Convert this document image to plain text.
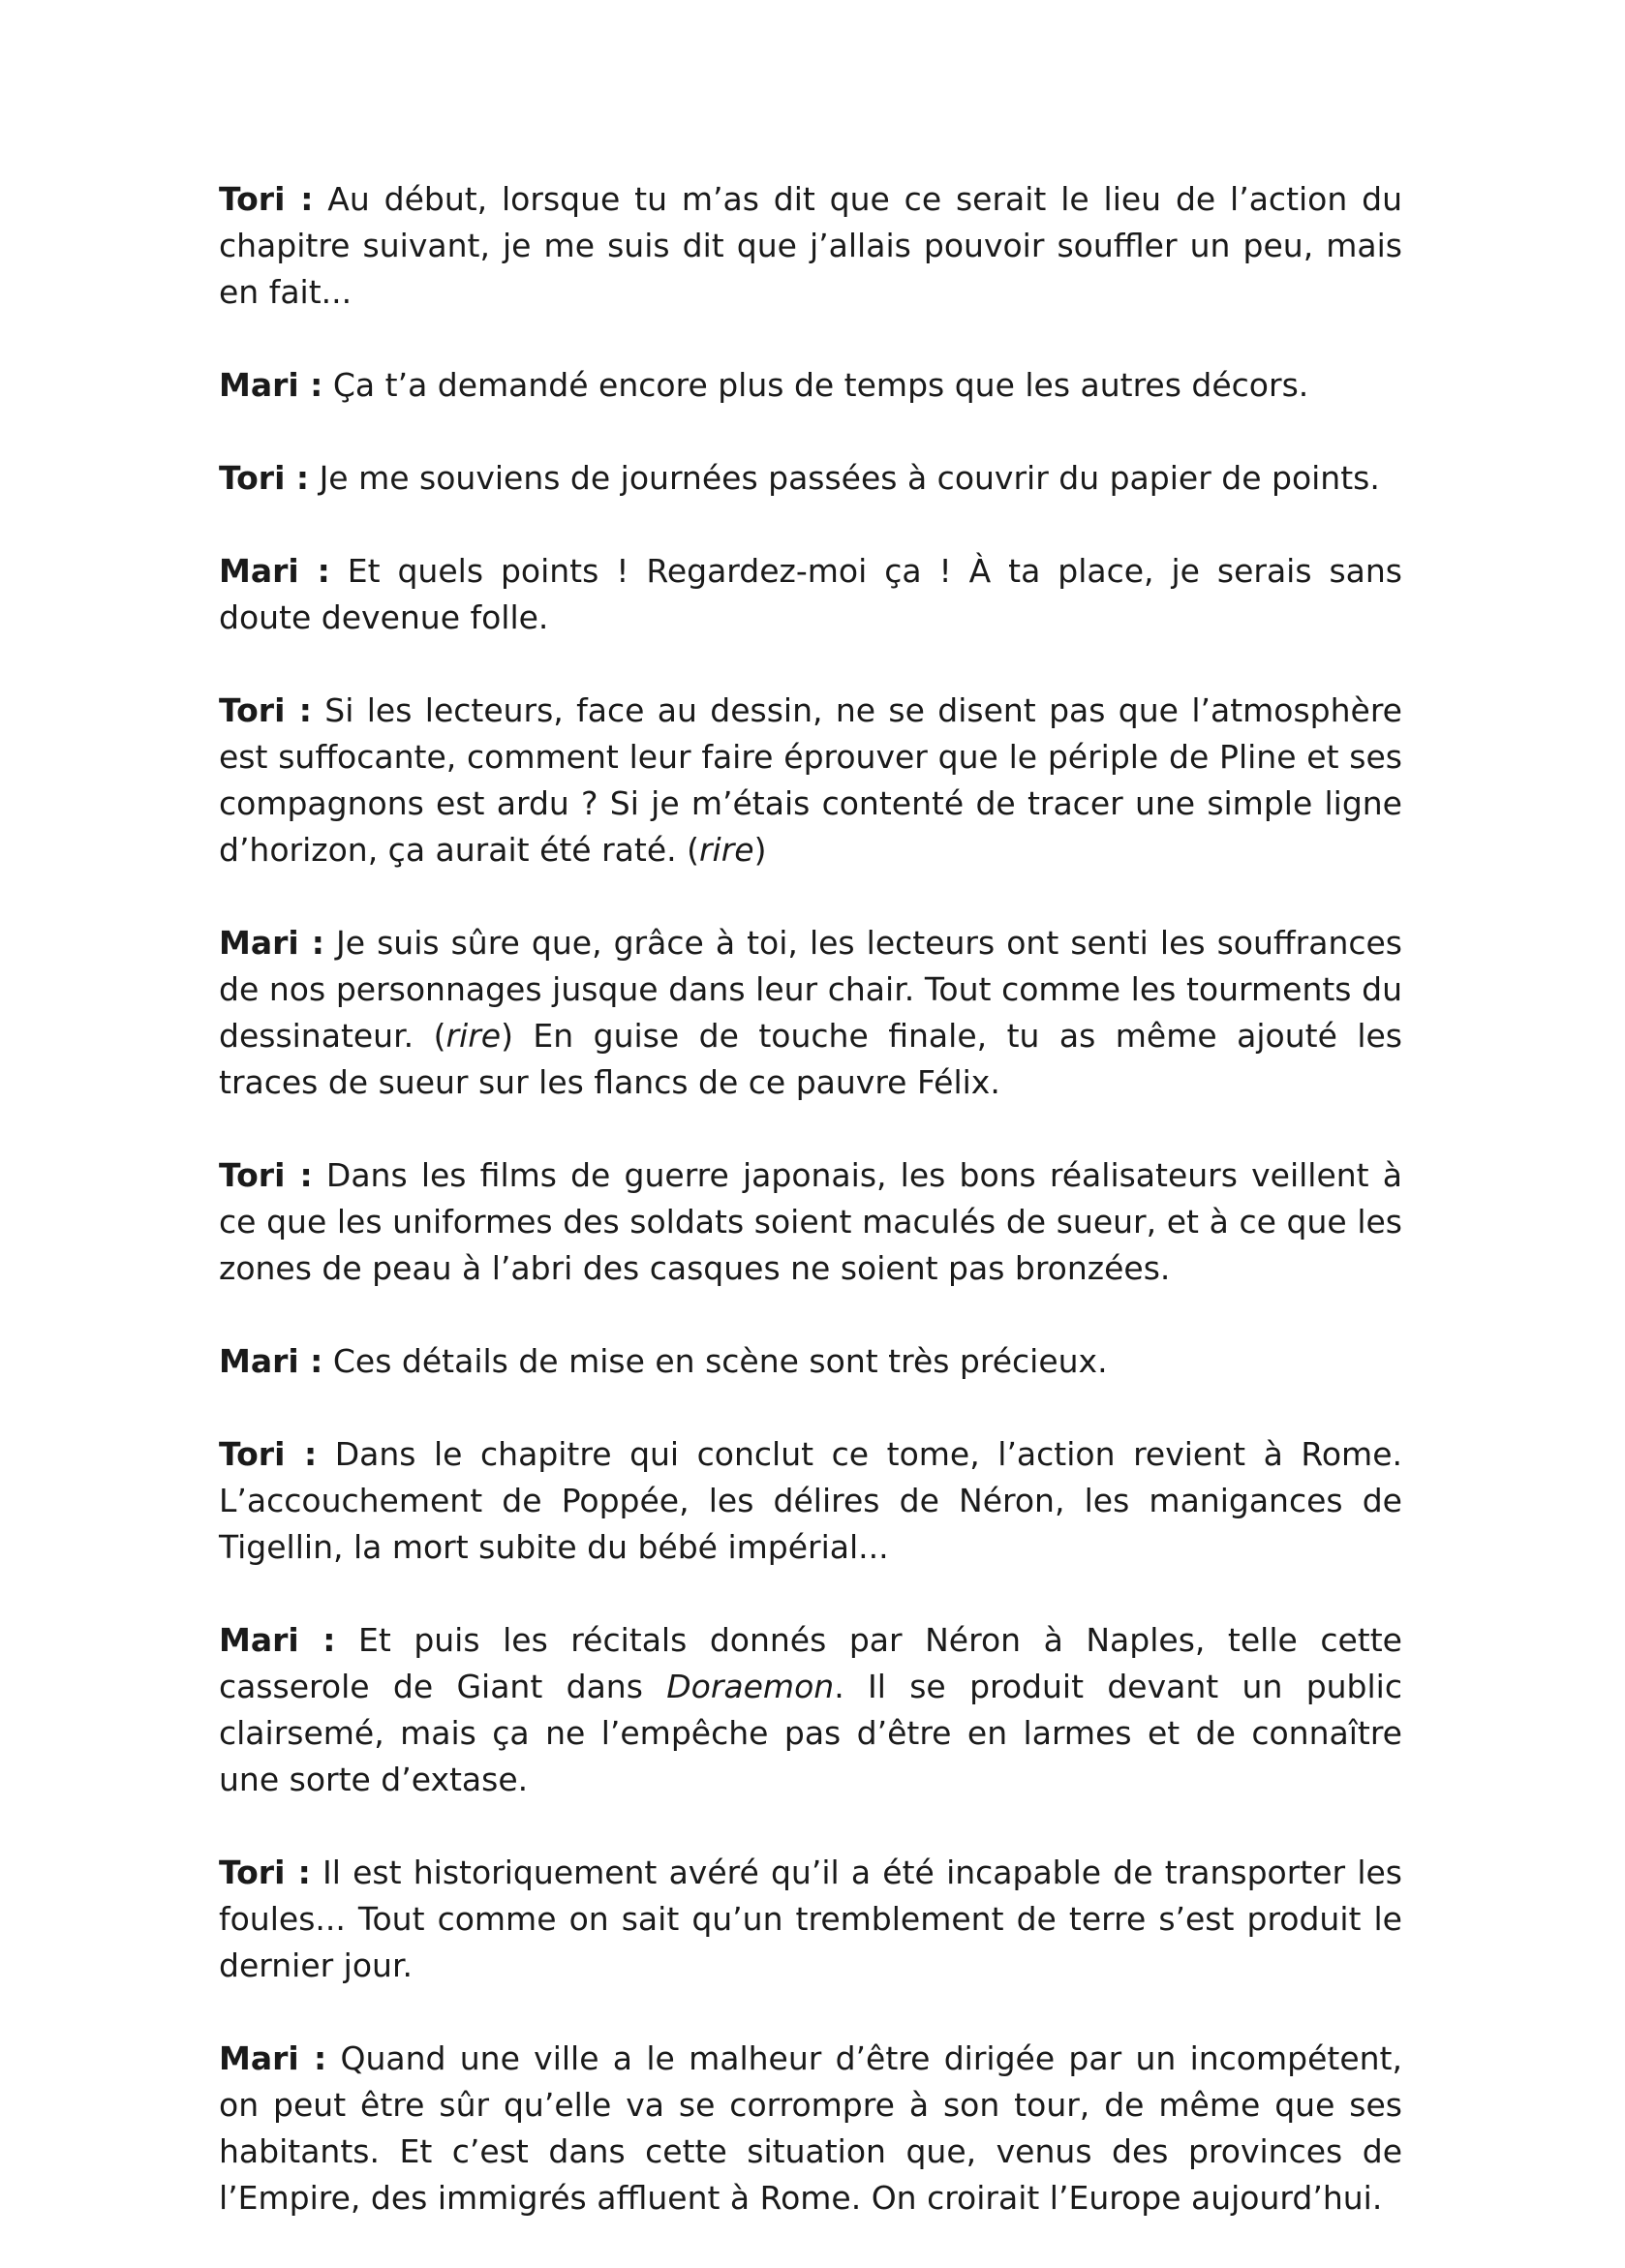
Tori : Au début, lorsque tu m’as dit que ce serait le lieu de l’action du chapitre suivant, je me suis dit que j’allais pouvoir souffler un peu, mais en fait...

Mari : Ça t’a demandé encore plus de temps que les autres décors.

Tori : Je me souviens de journées passées à couvrir du papier de points.

Mari : Et quels points ! Regardez-moi ça ! À ta place, je serais sans doute devenue folle.

Tori : Si les lecteurs, face au dessin, ne se disent pas que l’atmosphère est suffocante, comment leur faire éprouver que le périple de Pline et ses compagnons est ardu ? Si je m’étais contenté de tracer une simple ligne d’horizon, ça aurait été raté. (rire)

Mari : Je suis sûre que, grâce à toi, les lecteurs ont senti les souffrances de nos personnages jusque dans leur chair. Tout comme les tourments du dessinateur. (rire) En guise de touche finale, tu as même ajouté les traces de sueur sur les flancs de ce pauvre Félix.

Tori : Dans les films de guerre japonais, les bons réalisateurs veillent à ce que les uniformes des soldats soient maculés de sueur, et à ce que les zones de peau à l’abri des casques ne soient pas bronzées.

Mari : Ces détails de mise en scène sont très précieux.

Tori : Dans le chapitre qui conclut ce tome, l’action revient à Rome. L’accouchement de Poppée, les délires de Néron, les manigances de Tigellin, la mort subite du bébé impérial...

Mari : Et puis les récitals donnés par Néron à Naples, telle cette casserole de Giant dans Doraemon. Il se produit devant un public clairsemé, mais ça ne l’empêche pas d’être en larmes et de connaître une sorte d’extase.

Tori : Il est historiquement avéré qu’il a été incapable de transporter les foules... Tout comme on sait qu’un tremblement de terre s’est produit le dernier jour.

Mari : Quand une ville a le malheur d’être dirigée par un incompétent, on peut être sûr qu’elle va se corrompre à son tour, de même que ses habitants. Et c’est dans cette situation que, venus des provinces de l’Empire, des immigrés affluent à Rome. On croirait l’Europe aujourd’hui.
